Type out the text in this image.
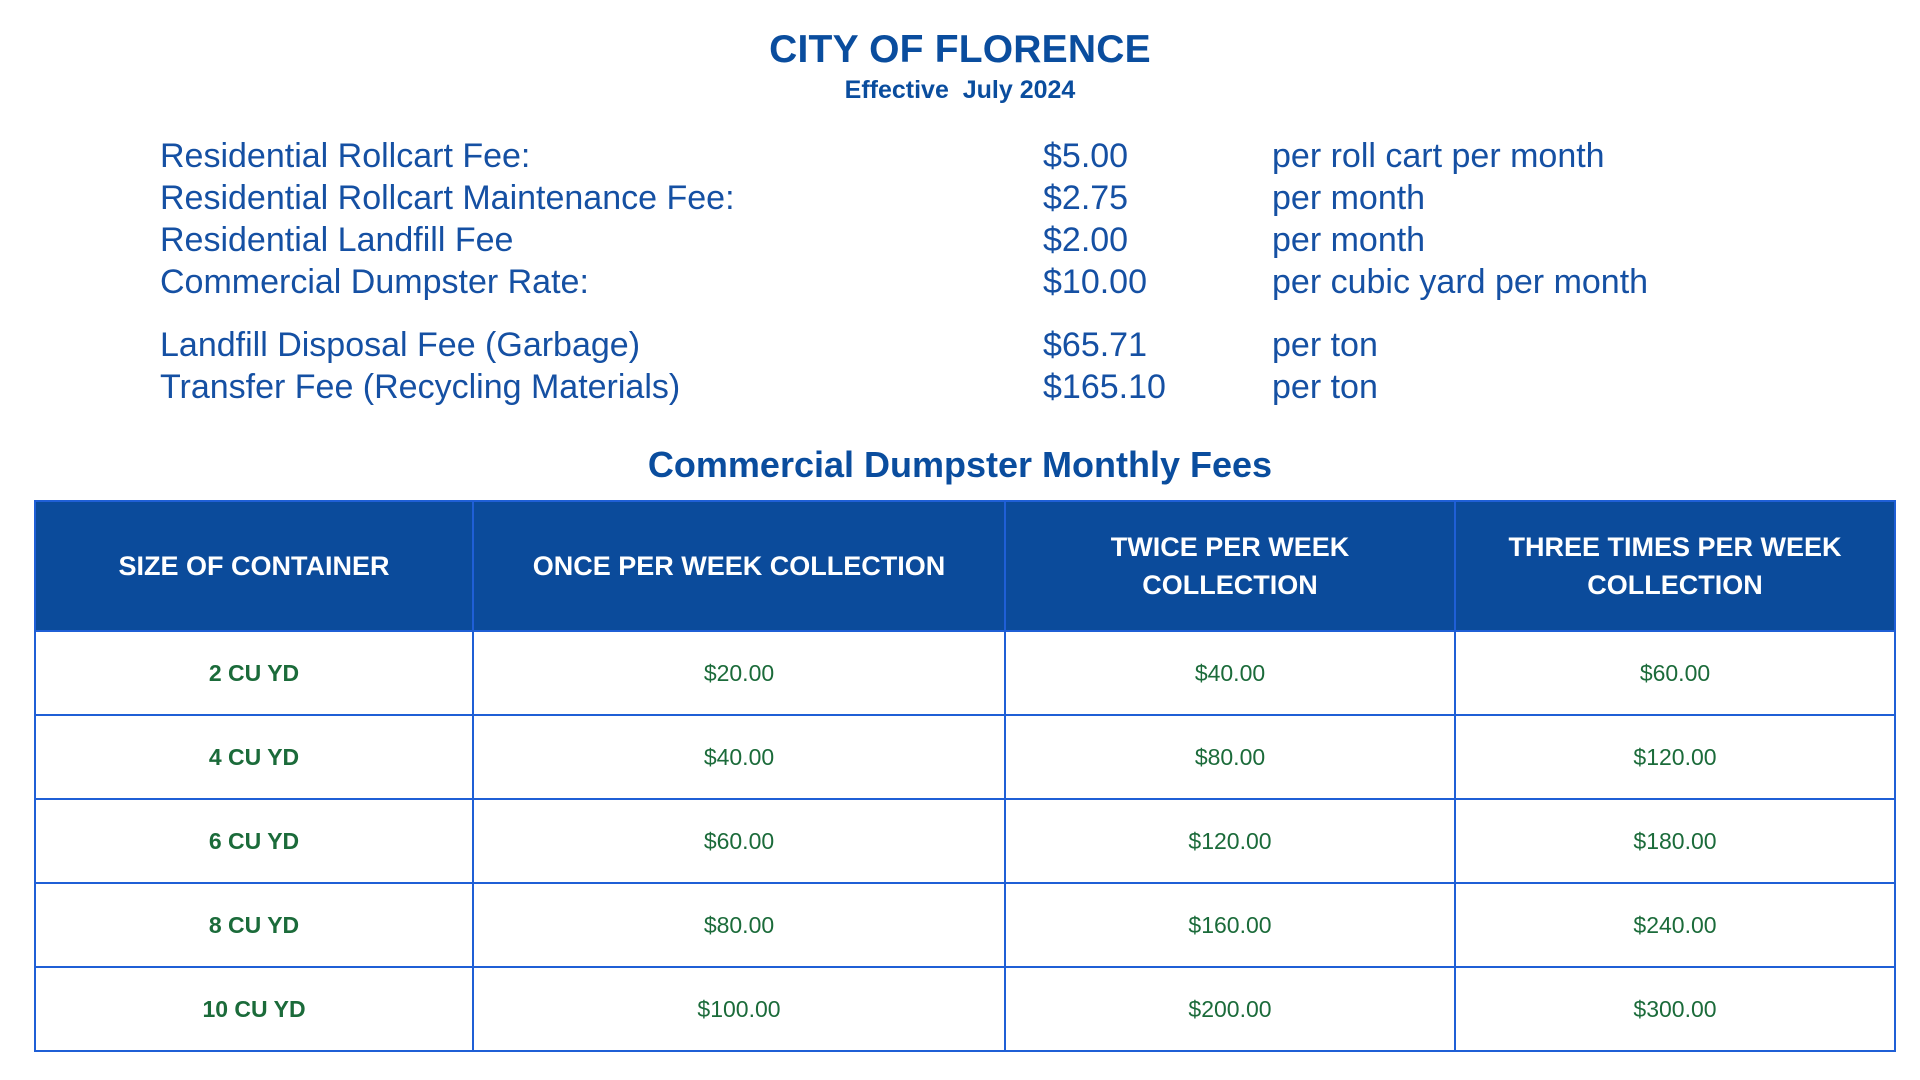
CITY OF FLORENCE
Effective  July 2024
Residential Rollcart Fee:	$5.00	per roll cart per month
Residential Rollcart Maintenance Fee:	$2.75	per month
Residential Landfill Fee	$2.00	per month
Commercial Dumpster Rate:	$10.00	per cubic yard per month
Landfill Disposal Fee (Garbage)	$65.71	per ton
Transfer Fee (Recycling Materials)	$165.10	per ton
Commercial Dumpster Monthly Fees
SIZE OF CONTAINER	ONCE PER WEEK COLLECTION	TWICE PER WEEK COLLECTION	THREE TIMES PER WEEK COLLECTION
2 CU YD	$20.00	$40.00	$60.00
4 CU YD	$40.00	$80.00	$120.00
6 CU YD	$60.00	$120.00	$180.00
8 CU YD	$80.00	$160.00	$240.00
10 CU YD	$100.00	$200.00	$300.00
